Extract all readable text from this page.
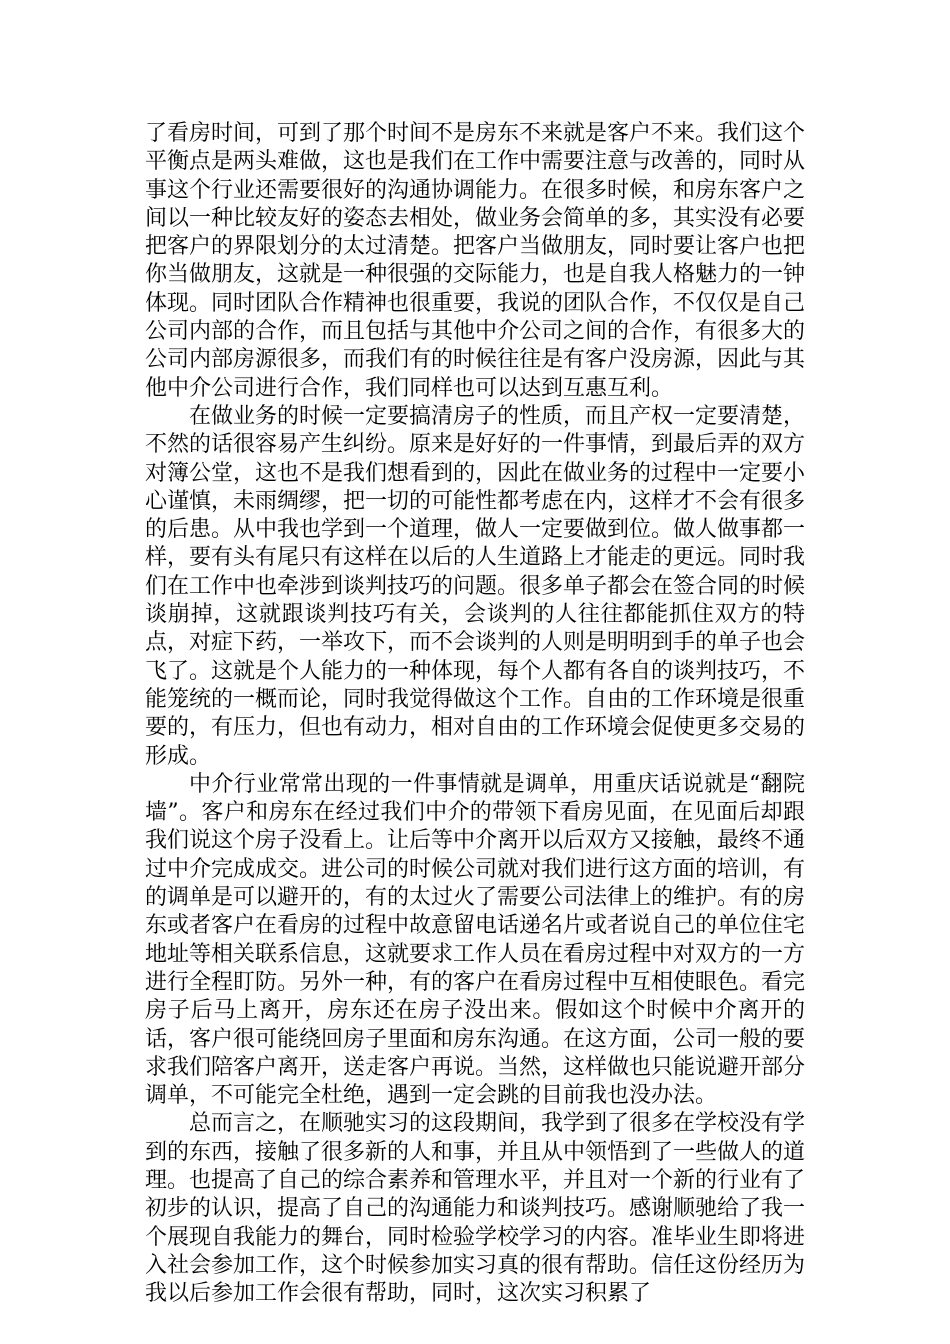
了看房时间，可到了那个时间不是房东不来就是客户不来。我们这个平衡点是两头难做，这也是我们在工作中需要注意与改善的，同时从事这个行业还需要很好的沟通协调能力。在很多时候，和房东客户之间以一种比较友好的姿态去相处，做业务会简单的多，其实没有必要把客户的界限划分的太过清楚。把客户当做朋友，同时要让客户也把你当做朋友，这就是一种很强的交际能力，也是自我人格魅力的一钟体现。同时团队合作精神也很重要，我说的团队合作，不仅仅是自己公司内部的合作，而且包括与其他中介公司之间的合作，有很多大的公司内部房源很多，而我们有的时候往往是有客户没房源，因此与其他中介公司进行合作，我们同样也可以达到互惠互利。

在做业务的时候一定要搞清房子的性质，而且产权一定要清楚，不然的话很容易产生纠纷。原来是好好的一件事情，到最后弄的双方对簿公堂，这也不是我们想看到的，因此在做业务的过程中一定要小心谨慎，未雨绸缪，把一切的可能性都考虑在内，这样才不会有很多的后患。从中我也学到一个道理，做人一定要做到位。做人做事都一样，要有头有尾只有这样在以后的人生道路上才能走的更远。同时我们在工作中也牵涉到谈判技巧的问题。很多单子都会在签合同的时候谈崩掉，这就跟谈判技巧有关，会谈判的人往往都能抓住双方的特点，对症下药，一举攻下，而不会谈判的人则是明明到手的单子也会飞了。这就是个人能力的一种体现，每个人都有各自的谈判技巧，不能笼统的一概而论，同时我觉得做这个工作。自由的工作环境是很重要的，有压力，但也有动力，相对自由的工作环境会促使更多交易的形成。

中介行业常常出现的一件事情就是调单，用重庆话说就是“翻院墙”。客户和房东在经过我们中介的带领下看房见面，在见面后却跟我们说这个房子没看上。让后等中介离开以后双方又接触，最终不通过中介完成成交。进公司的时候公司就对我们进行这方面的培训，有的调单是可以避开的，有的太过火了需要公司法律上的维护。有的房东或者客户在看房的过程中故意留电话递名片或者说自己的单位住宅地址等相关联系信息，这就要求工作人员在看房过程中对双方的一方进行全程盯防。另外一种，有的客户在看房过程中互相使眼色。看完房子后马上离开，房东还在房子没出来。假如这个时候中介离开的话，客户很可能绕回房子里面和房东沟通。在这方面，公司一般的要求我们陪客户离开，送走客户再说。当然，这样做也只能说避开部分调单，不可能完全杜绝，遇到一定会跳的目前我也没办法。

总而言之，在顺驰实习的这段期间，我学到了很多在学校没有学到的东西，接触了很多新的人和事，并且从中领悟到了一些做人的道理。也提高了自己的综合素养和管理水平，并且对一个新的行业有了初步的认识，提高了自己的沟通能力和谈判技巧。感谢顺驰给了我一个展现自我能力的舞台，同时检验学校学习的内容。准毕业生即将进入社会参加工作，这个时候参加实习真的很有帮助。信任这份经历为我以后参加工作会很有帮助，同时，这次实习积累了
